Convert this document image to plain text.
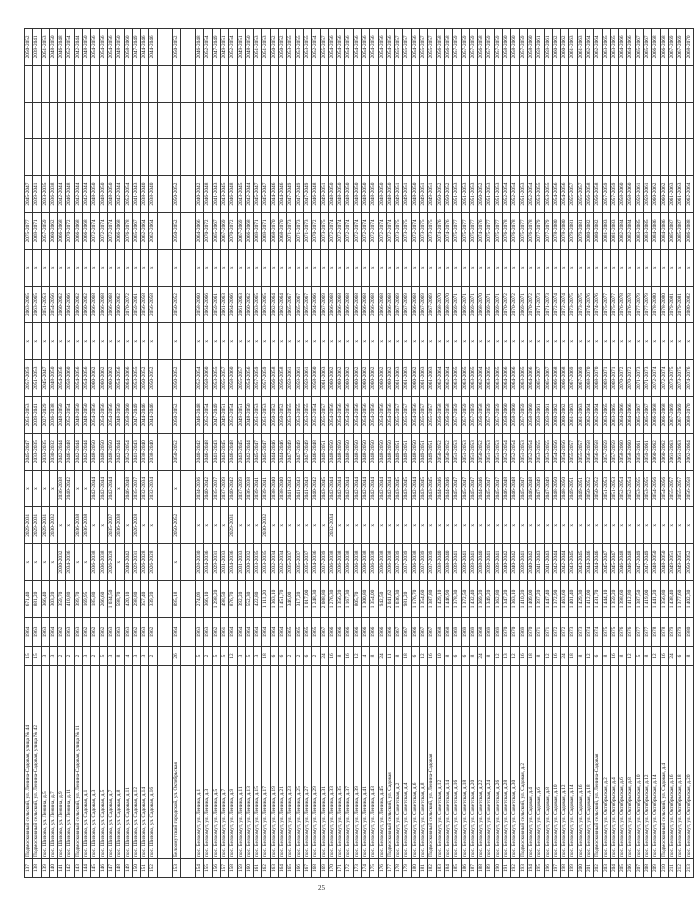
137	Подмосковный сельский, ул. Ленина-Садовая, улица № 44	15	1964	671,40	х	2029-2031	х	2045-2047	2051-2053	2057-2059	х	2063-2065	х	2075-2077	2045-2047				2050-2052
138	Подмосковный сельский, ул. Ленина-Садовая, улица № 42	15	1963	881,20	х	2029-2031	х	2033-2035	2039-2041	2051-2053	х	2063-2065	х	2069-2071	2039-2041				2039-2041
139	пос. Шилово, ул. Ленина, д.5	3	1963	366,40	х	2029-2031	х	2033-2035	2027-2029	2045-2047	х	2051-2053	х	2057-2059	2033-2035				2051-2053
140	пос. Шилово, ул. Ленина, д.7	3	1964	303,20	х	2030-2032	х	2030-2032	2036-2038	2048-2050	х	2054-2056	х	2060-2062	2036-2038				2048-2050
141	пос. Шилово, ул. Ленина, д.9	2	1962	359,70	2030-2032	х	2036-2038	2042-2044	2048-2050	2054-2056	х	2060-2062	х	2066-2068	2042-2044				2046-2048
142	пос. Шилово, ул. Ленина, д.11	2	1963	410,80	2034-2036	х	2040-2042	2046-2048	2052-2054	2058-2060	х	2064-2066	х	2070-2072	2046-2048				2052-2054
143	Подмосковный сельский, ул. Ленина-Садовая, улица № 11	2	1963	399,70	х	2036-2038	х	2042-2044	2048-2050	2054-2056	х	2060-2062	х	2066-2068	2042-2044				2042-2044
144	пос. Шилово, ул. Садовая, д.1	3	1962	169,95	х	2036-2038	х	2042-2044	2048-2050	2054-2056	х	2060-2062	х	2066-2068	2042-2044				2048-2050
145	пос. Шилово, ул. Садовая, д.3	2	1962	185,80	2036-2038	х	2042-2044	2048-2050	2054-2056	2060-2062	х	2066-2068	х	2072-2074	2048-2050				2054-2056
146	пос. Шилово, ул. Садовая, д.5	5	1962	266,60	2036-2038	х	2042-2044	2048-2050	2054-2056	2060-2062	х	2066-2068	х	2072-2074	2048-2050				2054-2056
147	пос. Шилово, ул. Садовая, д.7	3	1963	1 034,50	2026-2028	2035-2037	2042-2044	2048-2050	2054-2056	2060-2062	х	2066-2068	х	2072-2074	2048-2050				2054-2056
148	пос. Шилово, ул. Садовая, д.8	8	1963	598,70	х	2036-2038	х	2042-2044	2048-2050	2054-2056	х	2060-2062	х	2066-2068	2042-2044				2048-2050
149	пос. Шилово, ул. Садовая, д.11	4	1963	420,10	2040-2042	х	2046-2048	2052-2054	2058-2060	2064-2066	х	2070-2072	х	2076-2078	2052-2054				2058-2060
150	пос. Шилово, ул. Садовая, д.12	3	1962	298,80	2029-2031	2026-2028	2035-2037	2041-2043	2047-2049	2053-2055	х	2059-2061	х	2065-2067	2041-2043				2047-2049
151	пос. Шилово, ул. Садовая, д.14	3	1963	357,40	2026-2028	х	2032-2034	2038-2040	2044-2046	2050-2052	х	2056-2058	х	2062-2064	2038-2040				2044-2046
152	пос. Шилово, ул. Садовая, д.16	2	1962	339,20	2026-2028	х	2032-2034	2038-2040	2044-2046	2050-2052	х	2056-2058	х	2062-2064	2038-2040				2044-2046

153	Белоомутский городской, ул. Октябрьская	26	1964	895,18	х	2050-2052	х	2050-2052	2050-2052	2050-2052	х	2050-2052	х	2050-2052	2050-2052				2050-2052

154	пос. Белоомут, ул. Ленина, д.1	5	1963	274,09	2028-2030	х	2034-2036	2040-2042	2046-2048	2052-2054	х	2058-2060	х	2064-2066	2040-2042				2046-2048
155	пос. Белоомут, ул. Ленина, д.3	2	1963	366,10	2034-2036	х	2040-2042	2046-2048	2052-2054	2058-2060	х	2064-2066	х	2070-2072	2046-2048				2052-2054
156	пос. Белоомут, ул. Ленина, д.5	5	1962	1 298,20	2029-2031	х	2035-2037	2041-2043	2047-2049	2053-2055	х	2059-2061	х	2065-2067	2041-2043				2047-2049
157	пос. Белоомут, ул. Ленина, д.7	5	1961	498,50	2031-2033	х	2037-2039	2043-2045	2049-2051	2055-2057	х	2061-2063	х	2067-2069	2043-2045				2049-2051
158	пос. Белоомут, ул. Ленина, д.9	12	1964	876,70	2034-2036	2029-2031	2040-2042	2046-2048	2052-2054	2058-2060	х	2064-2066	х	2070-2072	2046-2048				2052-2054
159	пос. Белоомут, ул. Ленина, д.11	3	1964	392,20	2031-2033	х	2037-2039	2043-2045	2049-2051	2055-2057	х	2061-2063	х	2067-2069	2043-2045				2049-2051
160	пос. Белоомут, ул. Ленина, д.13	5	1964	552,30	2030-2032	х	2036-2038	2042-2044	2048-2050	2054-2056	х	2060-2062	х	2066-2068	2042-2044				2048-2050
161	пос. Белоомут, ул. Ленина, д.15	3	1964	422,80	2033-2035	х	2039-2041	2045-2047	2051-2053	2057-2059	х	2063-2065	х	2069-2071	2045-2047				2051-2053
162	пос. Белоомут, ул. Ленина, д.17	18	1964	1 111,20	2033-2035	2030-2032	2039-2041	2045-2047	2051-2053	2057-2059	х	2063-2065	х	2069-2071	2045-2047				2051-2053
163	пос. Белоомут, ул. Ленина, д.19	6	1964	1 363,10	2032-2034	х	2038-2040	2044-2046	2050-2052	2056-2058	х	2062-2064	х	2068-2070	2044-2046				2050-2052
164	пос. Белоомут, ул. Ленина, д.21	6	1964	1 451,70	2032-2034	х	2038-2040	2044-2046	2050-2052	2056-2058	х	2062-2064	х	2068-2070	2044-2046				2050-2052
165	пос. Белоомут, ул. Ленина, д.23	2	1965	346,00	2035-2037	х	2041-2043	2047-2049	2053-2055	2059-2061	х	2065-2067	х	2071-2073	2047-2049				2053-2055
166	пос. Белоомут, ул. Ленина, д.25	2	1965	317,20	2035-2037	х	2041-2043	2047-2049	2053-2055	2059-2061	х	2065-2067	х	2071-2073	2047-2049				2053-2055
167	пос. Белоомут, ул. Ленина, д.27	6	1965	1 017,00	2035-2037	х	2041-2043	2047-2049	2053-2055	2059-2061	х	2065-2067	х	2071-2073	2047-2049				2053-2055
168	пос. Белоомут, ул. Ленина, д.29	2	1965	1 248,30	2034-2036	х	2040-2042	2046-2048	2052-2054	2058-2060	х	2064-2066	х	2070-2072	2046-2048				2052-2054
169	пос. Белоомут, ул. Ленина, д.31	24	1967	2 088,80	2037-2039	х	2043-2045	2049-2051	2055-2057	2061-2063	х	2067-2069	х	2073-2075	2049-2051				2055-2057
170	пос. Белоомут, ул. Ленина, д.33	16	1966	1 276,30	2036-2038	2032-2034	2042-2044	2048-2050	2054-2056	2060-2062	х	2066-2068	х	2072-2074	2048-2050				2054-2056
171	пос. Белоомут, ул. Ленина, д.35	8	1966	1 356,20	2036-2038	х	2042-2044	2048-2050	2054-2056	2060-2062	х	2066-2068	х	2072-2074	2048-2050				2054-2056
172	пос. Белоомут, ул. Ленина, д.37	16	1966	1 167,30	2036-2038	х	2042-2044	2048-2050	2054-2056	2060-2062	х	2066-2068	х	2072-2074	2048-2050				2054-2056
173	пос. Белоомут, ул. Ленина, д.39	12	1966	805,70	2036-2038	х	2042-2044	2048-2050	2054-2056	2060-2062	х	2066-2068	х	2072-2074	2048-2050				2054-2056
174	пос. Белоомут, ул. Ленина, д.41	4	1966	1 300,80	2036-2038	х	2042-2044	2048-2050	2054-2056	2060-2062	х	2066-2068	х	2072-2074	2048-2050				2054-2056
175	пос. Белоомут, ул. Ленина, д.43	8	1966	1 354,00	2036-2038	х	2042-2044	2048-2050	2054-2056	2060-2062	х	2066-2068	х	2072-2074	2048-2050				2054-2056
176	пос. Белоомут, ул. Ленина, д.45	24	1966	942,50	2036-2038	х	2042-2044	2048-2050	2054-2056	2060-2062	х	2066-2068	х	2072-2074	2048-2050				2054-2056
177	Подмосковный сельский, ул. Садовая	11	1966	2 041,62	2036-2038	х	2042-2044	2048-2050	2054-2056	2060-2062	х	2066-2068	х	2072-2074	2048-2050				2054-2056
178	пос. Белоомут, ул. Советская, д.2	8	1967	1 036,30	2037-2039	х	2043-2045	2049-2051	2055-2057	2061-2063	х	2067-2069	х	2073-2075	2049-2051				2055-2057
179	пос. Белоомут, ул. Советская, д.4	18	1967	981,20	2037-2039	х	2043-2045	2049-2051	2055-2057	2061-2063	х	2067-2069	х	2073-2075	2049-2051				2055-2057
180	пос. Белоомут, ул. Советская, д.6	6	1966	1 176,70	2036-2038	х	2042-2044	2048-2050	2054-2056	2060-2062	х	2066-2068	х	2072-2074	2048-2050				2054-2056
181	пос. Белоомут, ул. Советская, д.8	12	1967	1 354,60	2037-2039	х	2043-2045	2049-2051	2055-2057	2061-2063	х	2067-2069	х	2073-2075	2049-2051				2055-2057
182	Подмосковный сельский, ул. Ленина-Садовая	16	1967	1 387,80	2037-2039	х	2043-2045	2049-2051	2055-2057	2061-2063	х	2067-2069	х	2073-2075	2049-2051				2055-2057
183	пос. Белоомут, ул. Советская, д.12	10	1968	1 429,10	2038-2040	х	2044-2046	2050-2052	2056-2058	2062-2064	х	2068-2070	х	2074-2076	2050-2052				2056-2058
184	пос. Белоомут, ул. Советская, д.14	8	1968	1 446,90	2038-2040	х	2044-2046	2050-2052	2056-2058	2062-2064	х	2068-2070	х	2074-2076	2050-2052				2056-2058
185	пос. Белоомут, ул. Советская, д.16	6	1969	1 378,30	2039-2041	х	2045-2047	2051-2053	2057-2059	2063-2065	х	2069-2071	х	2075-2077	2051-2053				2057-2059
186	пос. Белоомут, ул. Советская, д.18	6	1969	1 372,50	2039-2041	х	2045-2047	2051-2053	2057-2059	2063-2065	х	2069-2071	х	2075-2077	2051-2053				2057-2059
187	пос. Белоомут, ул. Советская, д.20	8	1969	1 432,40	2039-2041	х	2045-2047	2051-2053	2057-2059	2063-2065	х	2069-2071	х	2075-2077	2051-2053				2057-2059
188	пос. Белоомут, ул. Советская, д.22	24	1968	1 369,20	2038-2040	х	2044-2046	2050-2052	2056-2058	2062-2064	х	2068-2070	х	2074-2076	2050-2052				2056-2058
189	пос. Белоомут, ул. Советская, д.24	8	1969	1 349,20	2039-2041	х	2045-2047	2051-2053	2057-2059	2063-2065	х	2069-2071	х	2075-2077	2051-2053				2057-2059
190	пос. Белоомут, ул. Советская, д.26	12	1969	1 362,80	2039-2041	х	2045-2047	2051-2053	2057-2059	2063-2065	х	2069-2071	х	2075-2077	2051-2053				2057-2059
191	пос. Белоомут, ул. Советская, д.28	13	1970	1 347,20	2040-2042	х	2046-2048	2052-2054	2058-2060	2064-2066	х	2070-2072	х	2076-2078	2052-2054				2058-2060
192	пос. Белоомут, ул. Советская, д.30	12	1970	1 363,10	2040-2042	х	2046-2048	2052-2054	2058-2060	2064-2066	х	2070-2072	х	2076-2078	2052-2054				2058-2060
193	Подмосковный сельский, ул. Садовая, д.2	16	1969	1 410,20	2039-2041	х	2045-2047	2051-2053	2057-2059	2063-2065	х	2069-2071	х	2075-2077	2051-2053				2057-2059
194	пос. Белоомут, ул. Садовая, д.4	18	1970	1 409,00	2040-2042	х	2046-2048	2052-2054	2058-2060	2064-2066	х	2070-2072	х	2076-2078	2052-2054				2058-2060
195	пос. Белоомут, ул. Садовая, д.6	8	1971	1 397,20	2041-2043	х	2047-2049	2053-2055	2059-2061	2065-2067	х	2071-2073	х	2077-2079	2053-2055				2059-2061
196	пос. Белоомут, ул. Садовая, д.8	12	1971	1 447,40	2041-2043	х	2047-2049	2053-2055	2059-2061	2065-2067	х	2071-2073	х	2077-2079	2053-2055				2059-2061
197	пос. Белоомут, ул. Садовая, д.10	16	1972	1 372,90	2042-2044	х	2048-2050	2054-2056	2060-2062	2066-2068	х	2072-2074	х	2078-2080	2054-2056				2060-2062
198	пос. Белоомут, ул. Садовая, д.12	24	1972	1 463,60	2042-2044	х	2048-2050	2054-2056	2060-2062	2066-2068	х	2072-2074	х	2078-2080	2054-2056				2060-2062
199	пос. Белоомут, ул. Садовая, д.14	18	1973	1 401,40	2043-2045	х	2049-2051	2055-2057	2061-2063	2067-2069	х	2073-2075	х	2079-2081	2055-2057				2061-2063
200	пос. Белоомут, ул. Садовая, д.16	8	1973	1 429,30	2043-2045	х	2049-2051	2055-2057	2061-2063	2067-2069	х	2073-2075	х	2079-2081	2055-2057				2061-2063
201	пос. Белоомут, ул. Садовая, д.18	12	1974	1 412,00	2044-2046	х	2050-2052	2056-2058	2062-2064	2068-2070	х	2074-2076	х	2080-2082	2056-2058				2062-2064
202	Подмосковный сельский, ул. Ленина-Садовая	6	1974	1 431,70	2044-2046	х	2050-2052	2056-2058	2062-2064	2068-2070	х	2074-2076	х	2080-2082	2056-2058				2062-2064
203	пос. Белоомут, ул. Октябрьская, д.2	8	1975	1 444,10	2045-2047	х	2051-2053	2057-2059	2063-2065	2069-2071	х	2075-2077	х	2081-2083	2057-2059				2063-2065
204	пос. Белоомут, ул. Октябрьская, д.4	16	1975	1 359,20	2045-2047	х	2051-2053	2057-2059	2063-2065	2069-2071	х	2075-2077	х	2081-2083	2057-2059				2063-2065
205	пос. Белоомут, ул. Октябрьская, д.6	8	1976	1 398,60	2046-2048	х	2052-2054	2058-2060	2064-2066	2070-2072	х	2076-2078	х	2082-2084	2058-2060				2064-2066
206	пос. Белоомут, ул. Октябрьская, д.8	12	1976	1 412,80	2046-2048	х	2052-2054	2058-2060	2064-2066	2070-2072	х	2076-2078	х	2082-2084	2058-2060				2064-2066
207	пос. Белоомут, ул. Октябрьская, д.10	5	1977	1 387,50	2047-2049	х	2053-2055	2059-2061	2065-2067	2071-2073	х	2077-2079	х	2083-2085	2059-2061				2065-2067
208	пос. Белоомут, ул. Октябрьская, д.12	8	1977	1 419,00	2047-2049	х	2053-2055	2059-2061	2065-2067	2071-2073	х	2077-2079	х	2083-2085	2059-2061				2065-2067
209	пос. Белоомут, ул. Октябрьская, д.14	12	1978	1 441,20	2048-2050	х	2054-2056	2060-2062	2066-2068	2072-2074	х	2078-2080	х	2084-2086	2060-2062				2066-2068
210	Подмосковный сельский, ул. Садовая, д.4	16	1978	1 356,80	2048-2050	х	2054-2056	2060-2062	2066-2068	2072-2074	х	2078-2080	х	2084-2086	2060-2062				2066-2068
211	пос. Белоомут, ул. Октябрьская, д.16	24	1979	1 438,40	2049-2051	х	2055-2057	2061-2063	2067-2069	2073-2075	х	2079-2081	х	2085-2087	2061-2063				2067-2069
212	пос. Белоомут, ул. Октябрьская, д.18	6	1979	1 377,60	2049-2051	х	2055-2057	2061-2063	2067-2069	2073-2075	х	2079-2081	х	2085-2087	2061-2063				2067-2069
213	пос. Белоомут, ул. Октябрьская, д.20	8	1980	1 402,30	2050-2052	х	2056-2058	2062-2064	2068-2070	2074-2076	х	2080-2082	х	2086-2088	2062-2064				2068-2070
25
